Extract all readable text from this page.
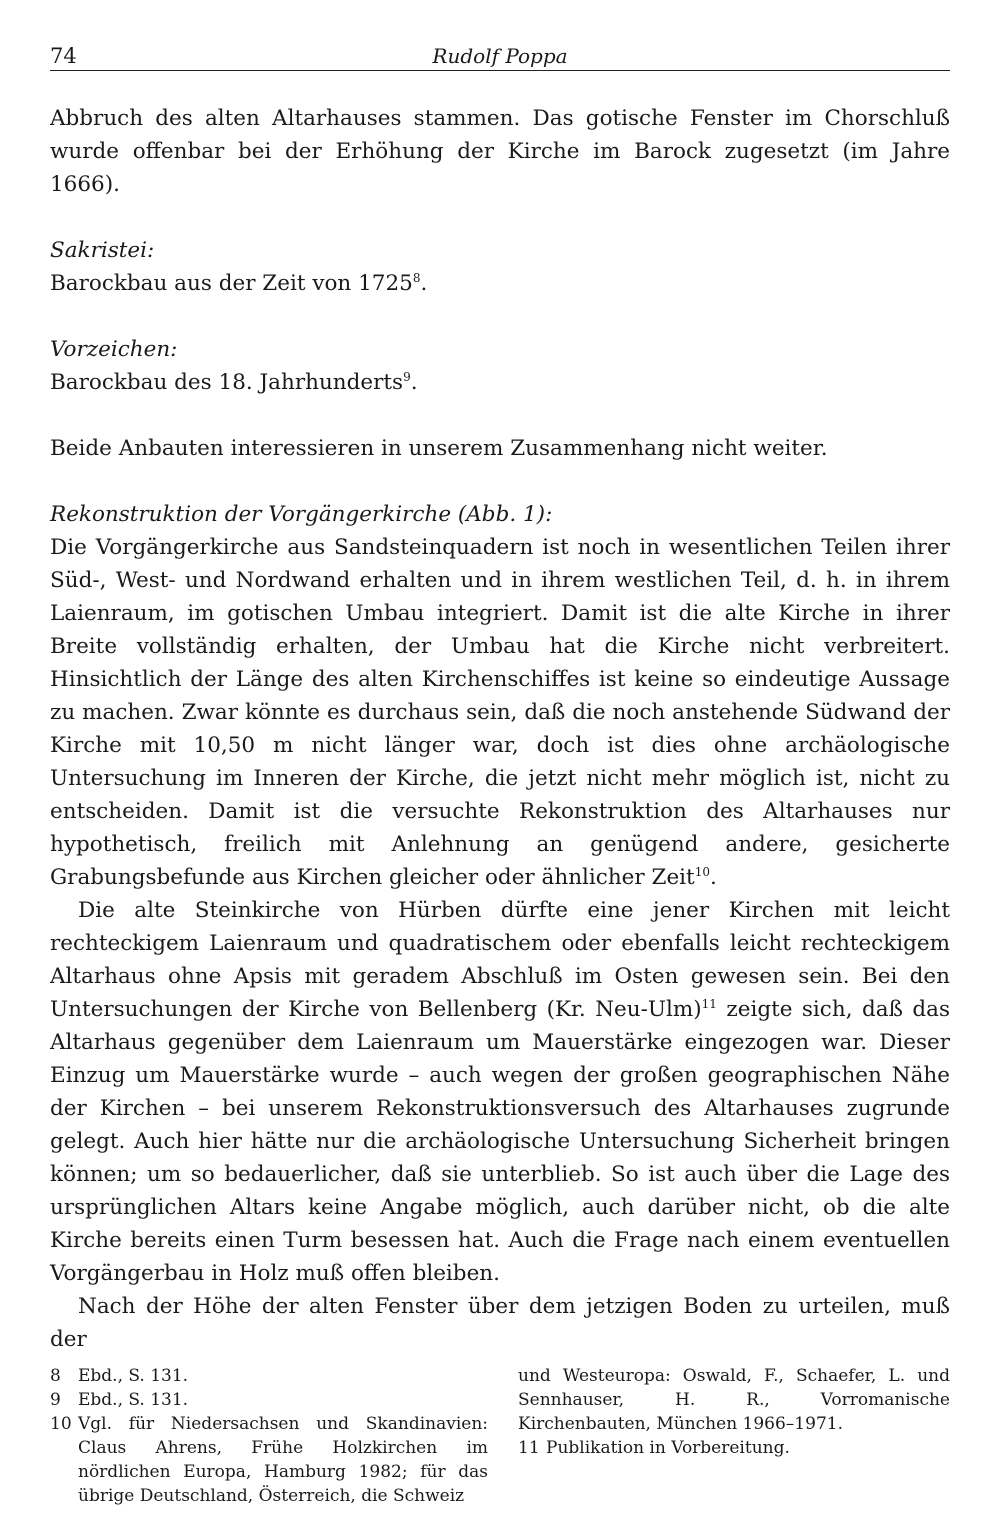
74	Rudolf Poppa

Abbruch des alten Altarhauses stammen. Das gotische Fenster im Chorschluß wurde offenbar bei der Erhöhung der Kirche im Barock zugesetzt (im Jahre 1666).

Sakristei:

Barockbau aus der Zeit von 1725$^8$.

Vorzeichen:

Barockbau des 18. Jahrhunderts$^9$.

Beide Anbauten interessieren in unserem Zusammenhang nicht weiter.

Rekonstruktion der Vorgängerkirche (Abb. 1):

Die Vorgängerkirche aus Sandsteinquadern ist noch in wesentlichen Teilen ihrer Süd-, West- und Nordwand erhalten und in ihrem westlichen Teil, d. h. in ihrem Laienraum, im gotischen Umbau integriert. Damit ist die alte Kirche in ihrer Breite vollständig erhalten, der Umbau hat die Kirche nicht verbreitert. Hinsichtlich der Länge des alten Kirchenschiffes ist keine so eindeutige Aussage zu machen. Zwar könnte es durchaus sein, daß die noch anstehende Südwand der Kirche mit 10,50 m nicht länger war, doch ist dies ohne archäologische Untersuchung im Inneren der Kirche, die jetzt nicht mehr möglich ist, nicht zu entscheiden. Damit ist die versuchte Rekonstruktion des Altarhauses nur hypothetisch, freilich mit Anlehnung an genügend andere, gesicherte Grabungsbefunde aus Kirchen gleicher oder ähnlicher Zeit$^{10}$.

Die alte Steinkirche von Hürben dürfte eine jener Kirchen mit leicht rechteckigem Laienraum und quadratischem oder ebenfalls leicht rechteckigem Altarhaus ohne Apsis mit geradem Abschluß im Osten gewesen sein. Bei den Untersuchungen der Kirche von Bellenberg (Kr. Neu-Ulm)$^{11}$ zeigte sich, daß das Altarhaus gegenüber dem Laienraum um Mauerstärke eingezogen war. Dieser Einzug um Mauerstärke wurde – auch wegen der großen geographischen Nähe der Kirchen – bei unserem Rekonstruktionsversuch des Altarhauses zugrunde gelegt. Auch hier hätte nur die archäologische Untersuchung Sicherheit bringen können; um so bedauerlicher, daß sie unterblieb. So ist auch über die Lage des ursprünglichen Altars keine Angabe möglich, auch darüber nicht, ob die alte Kirche bereits einen Turm besessen hat. Auch die Frage nach einem eventuellen Vorgängerbau in Holz muß offen bleiben.

Nach der Höhe der alten Fenster über dem jetzigen Boden zu urteilen, muß der

8	Ebd., S. 131.
9	Ebd., S. 131.
10 Vgl. für Niedersachsen und Skandinavien: Claus Ahrens, Frühe Holzkirchen im nördlichen Europa, Hamburg 1982; für das übrige Deutschland, Österreich, die Schweiz
und Westeuropa: Oswald, F., Schaefer, L. und Sennhauser, H. R., Vorromanische Kirchenbauten, München 1966–1971.
11 Publikation in Vorbereitung.
